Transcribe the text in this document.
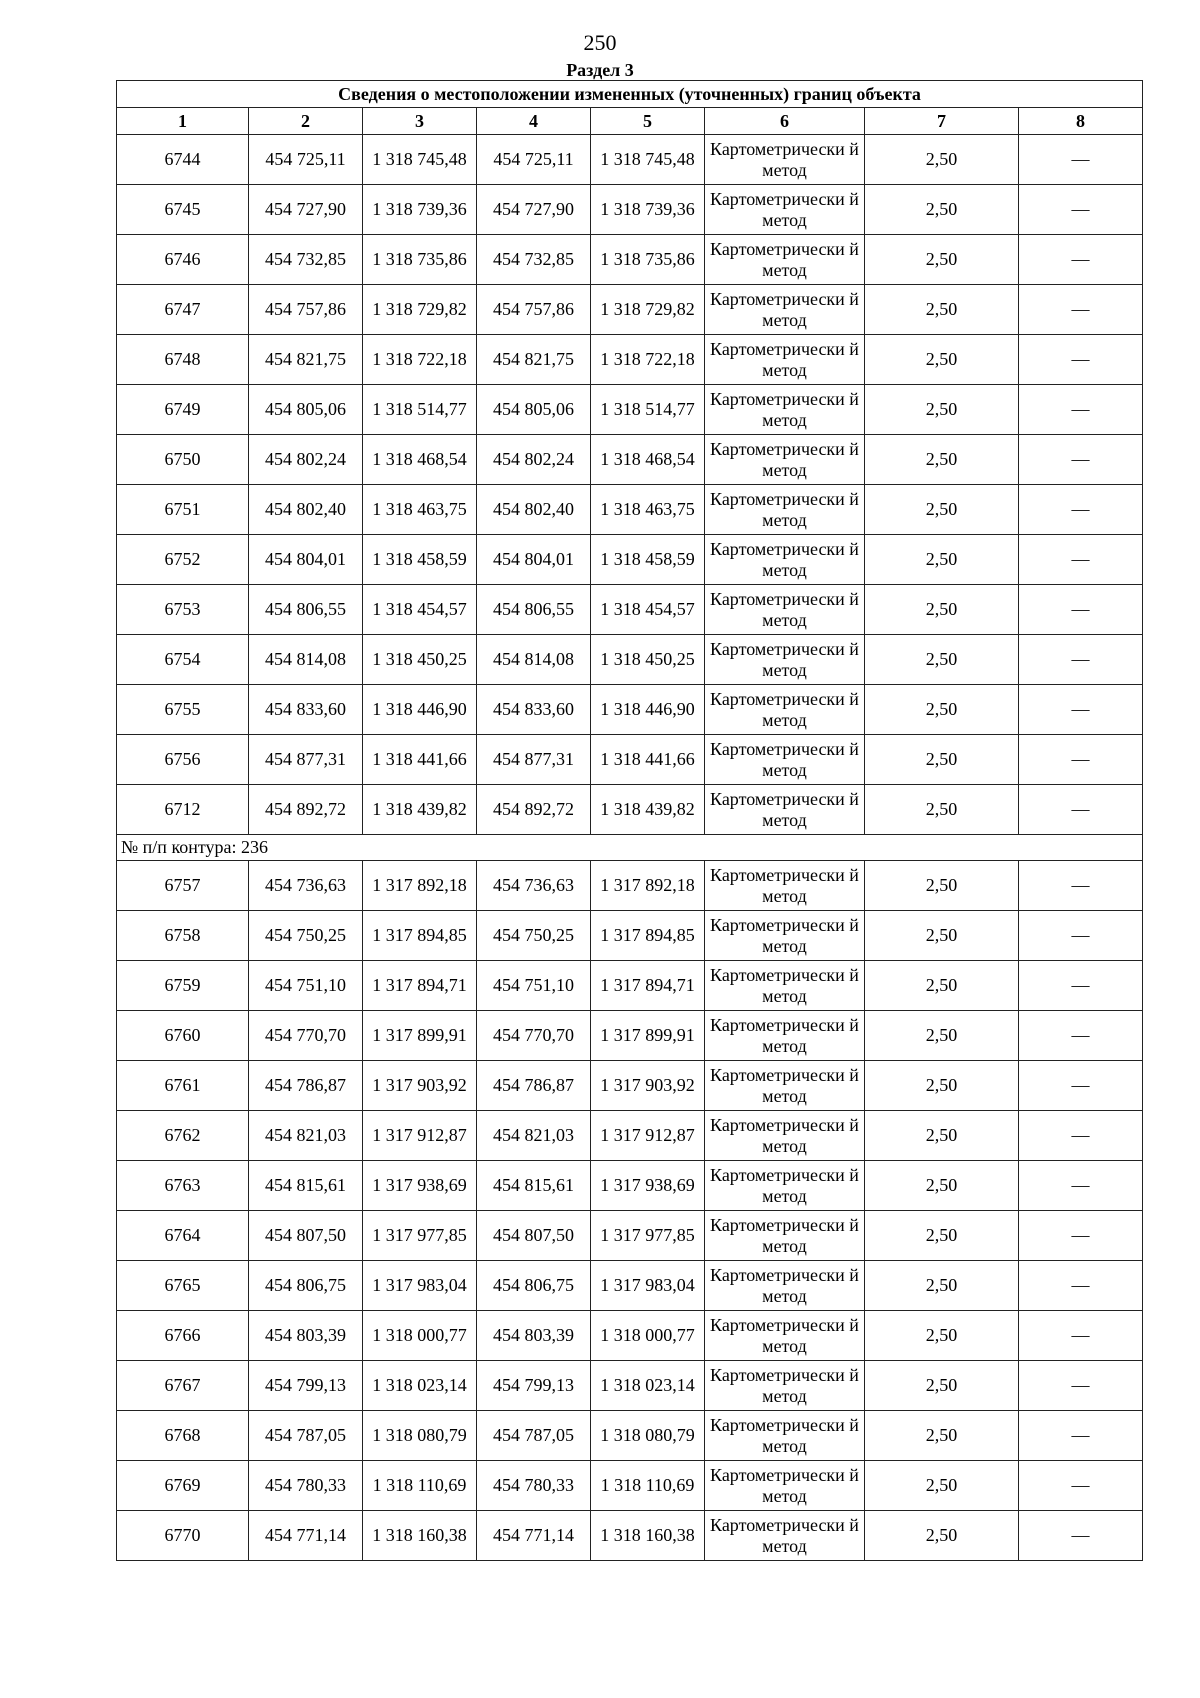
250
Раздел 3
Сведения о местоположении измененных (уточненных) границ объекта							
1	2	3	4	5	6	7	8
6744	454 725,11	1 318 745,48	454 725,11	1 318 745,48	Картометрически й метод	2,50	—
6745	454 727,90	1 318 739,36	454 727,90	1 318 739,36	Картометрически й метод	2,50	—
6746	454 732,85	1 318 735,86	454 732,85	1 318 735,86	Картометрически й метод	2,50	—
6747	454 757,86	1 318 729,82	454 757,86	1 318 729,82	Картометрически й метод	2,50	—
6748	454 821,75	1 318 722,18	454 821,75	1 318 722,18	Картометрически й метод	2,50	—
6749	454 805,06	1 318 514,77	454 805,06	1 318 514,77	Картометрически й метод	2,50	—
6750	454 802,24	1 318 468,54	454 802,24	1 318 468,54	Картометрически й метод	2,50	—
6751	454 802,40	1 318 463,75	454 802,40	1 318 463,75	Картометрически й метод	2,50	—
6752	454 804,01	1 318 458,59	454 804,01	1 318 458,59	Картометрически й метод	2,50	—
6753	454 806,55	1 318 454,57	454 806,55	1 318 454,57	Картометрически й метод	2,50	—
6754	454 814,08	1 318 450,25	454 814,08	1 318 450,25	Картометрически й метод	2,50	—
6755	454 833,60	1 318 446,90	454 833,60	1 318 446,90	Картометрически й метод	2,50	—
6756	454 877,31	1 318 441,66	454 877,31	1 318 441,66	Картометрически й метод	2,50	—
6712	454 892,72	1 318 439,82	454 892,72	1 318 439,82	Картометрически й метод	2,50	—
№ п/п контура: 236							
6757	454 736,63	1 317 892,18	454 736,63	1 317 892,18	Картометрически й метод	2,50	—
6758	454 750,25	1 317 894,85	454 750,25	1 317 894,85	Картометрически й метод	2,50	—
6759	454 751,10	1 317 894,71	454 751,10	1 317 894,71	Картометрически й метод	2,50	—
6760	454 770,70	1 317 899,91	454 770,70	1 317 899,91	Картометрически й метод	2,50	—
6761	454 786,87	1 317 903,92	454 786,87	1 317 903,92	Картометрически й метод	2,50	—
6762	454 821,03	1 317 912,87	454 821,03	1 317 912,87	Картометрически й метод	2,50	—
6763	454 815,61	1 317 938,69	454 815,61	1 317 938,69	Картометрически й метод	2,50	—
6764	454 807,50	1 317 977,85	454 807,50	1 317 977,85	Картометрически й метод	2,50	—
6765	454 806,75	1 317 983,04	454 806,75	1 317 983,04	Картометрически й метод	2,50	—
6766	454 803,39	1 318 000,77	454 803,39	1 318 000,77	Картометрически й метод	2,50	—
6767	454 799,13	1 318 023,14	454 799,13	1 318 023,14	Картометрически й метод	2,50	—
6768	454 787,05	1 318 080,79	454 787,05	1 318 080,79	Картометрически й метод	2,50	—
6769	454 780,33	1 318 110,69	454 780,33	1 318 110,69	Картометрически й метод	2,50	—
6770	454 771,14	1 318 160,38	454 771,14	1 318 160,38	Картометрически й метод	2,50	—
